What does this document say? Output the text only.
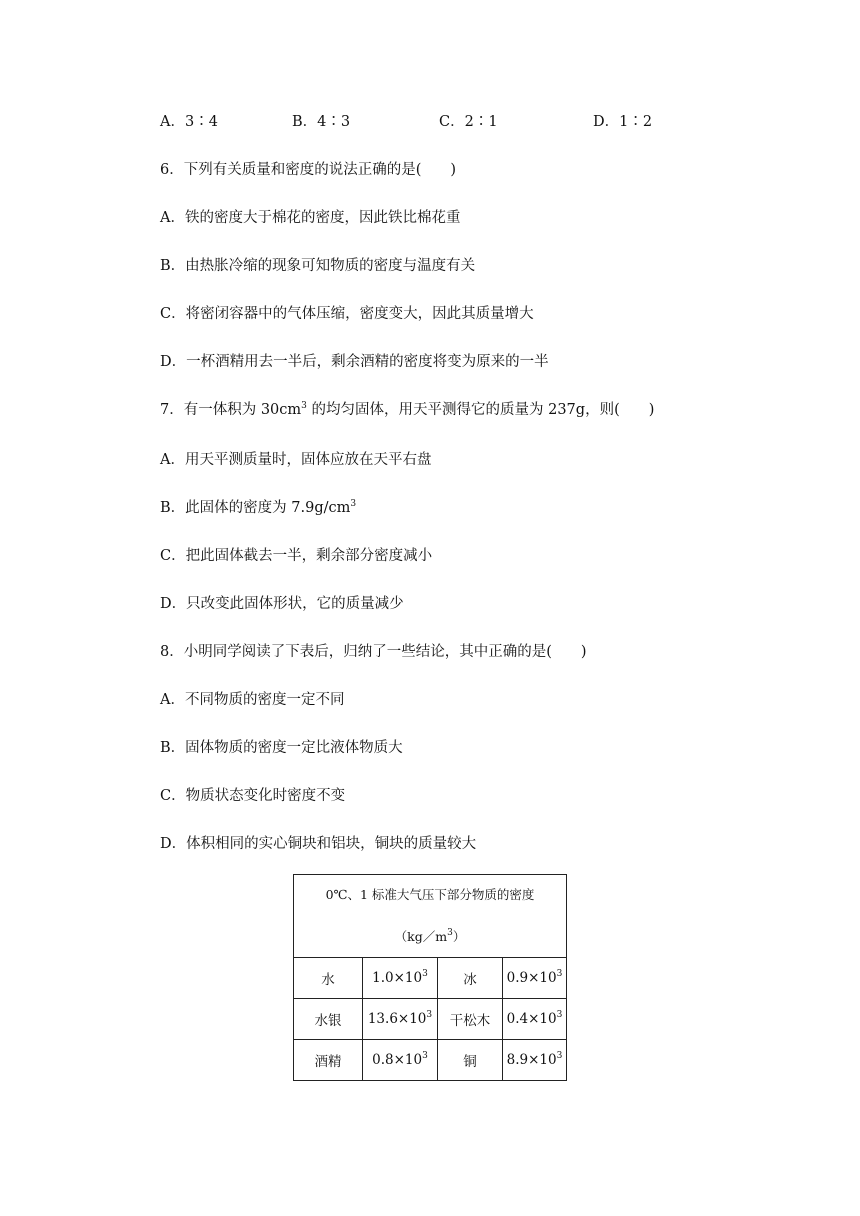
A．3∶4	B．4∶3	C．2∶1	D．1∶2
6．下列有关质量和密度的说法正确的是(　　)
A．铁的密度大于棉花的密度，因此铁比棉花重
B．由热胀冷缩的现象可知物质的密度与温度有关
C．将密闭容器中的气体压缩，密度变大，因此其质量增大
D．一杯酒精用去一半后，剩余酒精的密度将变为原来的一半
7．有一体积为 $30cm^3$ 的均匀固体，用天平测得它的质量为 237g，则(　　)
A．用天平测质量时，固体应放在天平右盘
B．此固体的密度为 $7.9g/cm^3$
C．把此固体截去一半，剩余部分密度减小
D．只改变此固体形状，它的质量减少
8．小明同学阅读了下表后，归纳了一些结论，其中正确的是(　　)
A．不同物质的密度一定不同
B．固体物质的密度一定比液体物质大
C．物质状态变化时密度不变
D．体积相同的实心铜块和铝块，铜块的质量较大
0℃、1 标准大气压下部分物质的密度
$(kg/m^3)$			

水	$1.0\times 10^3$	冰	$0.9\times 10^3$
水银	$13.6\times 10^3$	干松木	$0.4\times 10^3$
酒精	$0.8\times 10^3$	铜	$8.9\times 10^3$
